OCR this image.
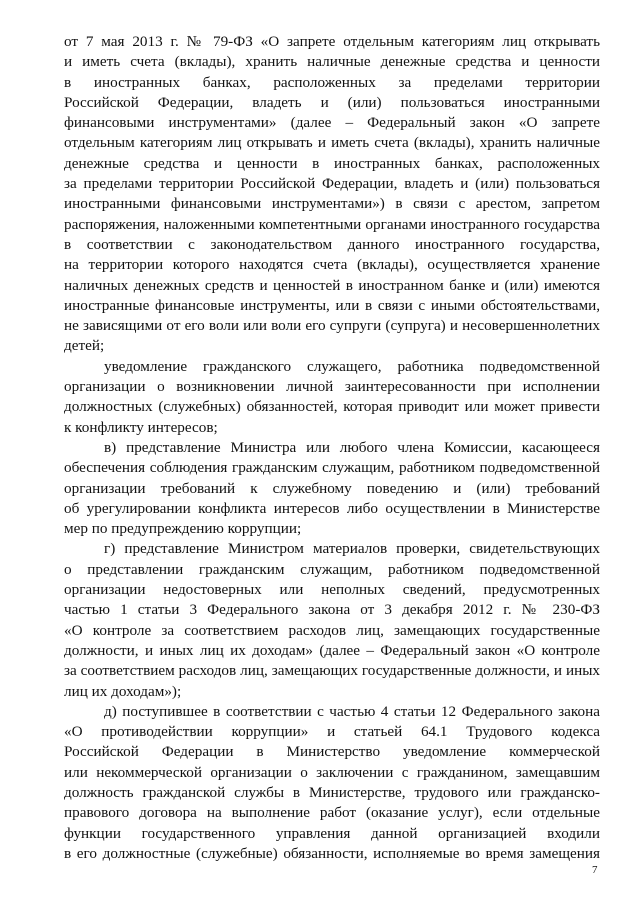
от 7 мая 2013 г. № 79-ФЗ «О запрете отдельным категориям лиц открывать
и иметь счета (вклады), хранить наличные денежные средства и ценности
в иностранных банках, расположенных за пределами территории
Российской Федерации, владеть и (или) пользоваться иностранными
финансовыми инструментами» (далее – Федеральный закон «О запрете
отдельным категориям лиц открывать и иметь счета (вклады), хранить наличные
денежные средства и ценности в иностранных банках, расположенных
за пределами территории Российской Федерации, владеть и (или) пользоваться
иностранными финансовыми инструментами») в связи с арестом, запретом
распоряжения, наложенными компетентными органами иностранного государства
в соответствии с законодательством данного иностранного государства,
на территории которого находятся счета (вклады), осуществляется хранение
наличных денежных средств и ценностей в иностранном банке и (или) имеются
иностранные финансовые инструменты, или в связи с иными обстоятельствами,
не зависящими от его воли или воли его супруги (супруга) и несовершеннолетних
детей;

уведомление гражданского служащего, работника подведомственной
организации о возникновении личной заинтересованности при исполнении
должностных (служебных) обязанностей, которая приводит или может привести
к конфликту интересов;

в) представление Министра или любого члена Комиссии, касающееся
обеспечения соблюдения гражданским служащим, работником подведомственной
организации требований к служебному поведению и (или) требований
об урегулировании конфликта интересов либо осуществлении в Министерстве
мер по предупреждению коррупции;

г) представление Министром материалов проверки, свидетельствующих
о представлении гражданским служащим, работником подведомственной
организации недостоверных или неполных сведений, предусмотренных
частью 1 статьи 3 Федерального закона от 3 декабря 2012 г. № 230-ФЗ
«О контроле за соответствием расходов лиц, замещающих государственные
должности, и иных лиц их доходам» (далее – Федеральный закон «О контроле
за соответствием расходов лиц, замещающих государственные должности, и иных
лиц их доходам»);

д) поступившее в соответствии с частью 4 статьи 12 Федерального закона
«О противодействии коррупции» и статьей 64.1 Трудового кодекса
Российской Федерации в Министерство уведомление коммерческой
или некоммерческой организации о заключении с гражданином, замещавшим
должность гражданской службы в Министерстве, трудового или гражданско-
правового договора на выполнение работ (оказание услуг), если отдельные
функции государственного управления данной организацией входили
в его должностные (служебные) обязанности, исполняемые во время замещения

7
